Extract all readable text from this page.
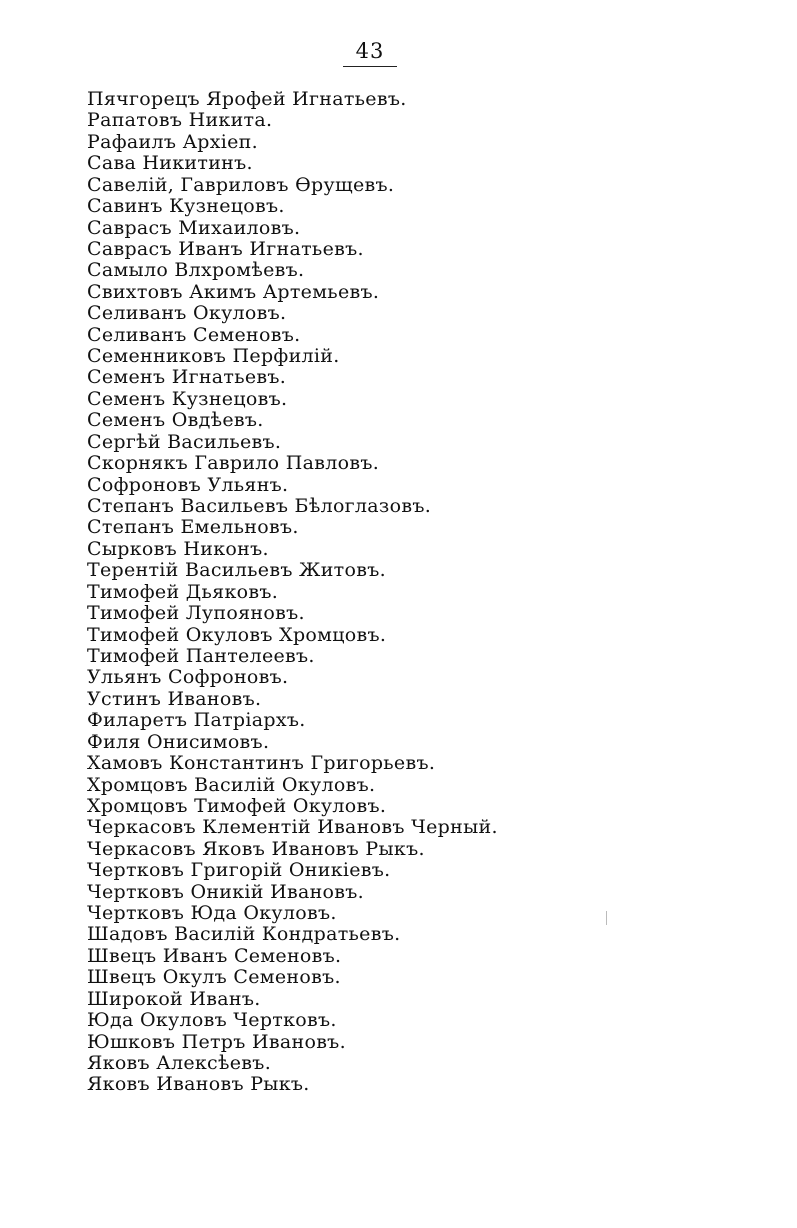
43
Пячгорецъ Ярофей Игнатьевъ.
Рапатовъ Никита.
Рафаилъ Архіеп.
Сава Никитинъ.
Савелій, Гавриловъ Ѳрущевъ.
Савинъ Кузнецовъ.
Саврасъ Михаиловъ.
Саврасъ Иванъ Игнатьевъ.
Самыло Влхромѣевъ.
Свихтовъ Акимъ Артемьевъ.
Селиванъ Окуловъ.
Селиванъ Семеновъ.
Семенниковъ Перфилій.
Семенъ Игнатьевъ.
Семенъ Кузнецовъ.
Семенъ Овдѣевъ.
Сергѣй Васильевъ.
Скорнякъ Гаврило Павловъ.
Софроновъ Ульянъ.
Степанъ Васильевъ Бѣлоглазовъ.
Степанъ Емельновъ.
Сырковъ Никонъ.
Терентій Васильевъ Житовъ.
Тимофей Дьяковъ.
Тимофей Лупояновъ.
Тимофей Окуловъ Хромцовъ.
Тимофей Пантелеевъ.
Ульянъ Софроновъ.
Устинъ Ивановъ.
Филаретъ Патріархъ.
Филя Онисимовъ.
Хамовъ Константинъ Григорьевъ.
Хромцовъ Василій Окуловъ.
Хромцовъ Тимофей Окуловъ.
Черкасовъ Клементій Ивановъ Черный.
Черкасовъ Яковъ Ивановъ Рыкъ.
Чертковъ Григорій Оникіевъ.
Чертковъ Оникій Ивановъ.
Чертковъ Юда Окуловъ.
Шадовъ Василій Кондратьевъ.
Швецъ Иванъ Семеновъ.
Швецъ Окулъ Семеновъ.
Широкой Иванъ.
Юда Окуловъ Чертковъ.
Юшковъ Петръ Ивановъ.
Яковъ Алексѣевъ.
Яковъ Ивановъ Рыкъ.
